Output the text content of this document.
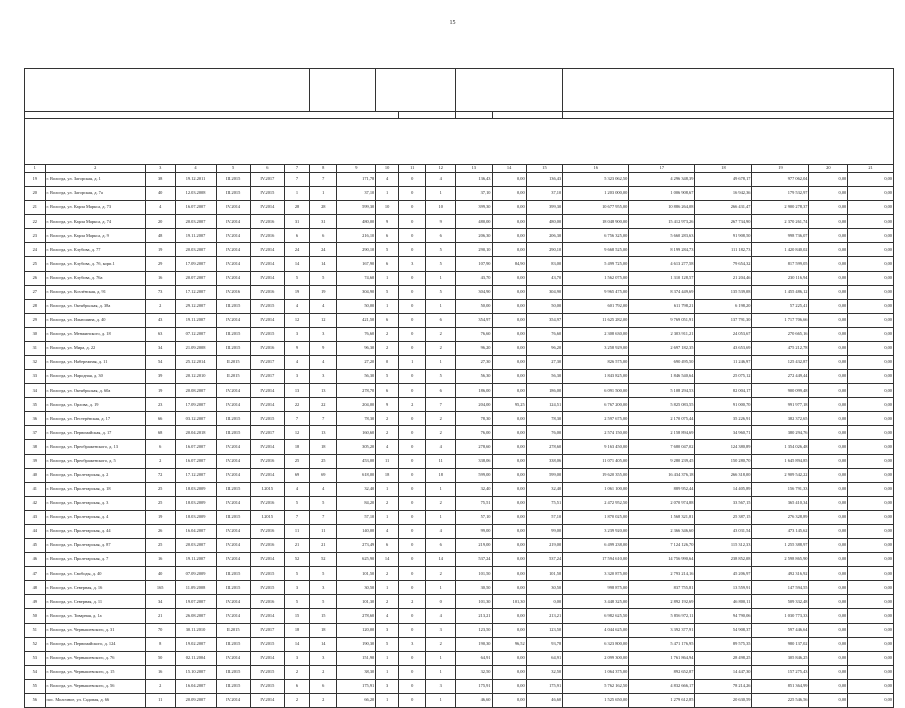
15

1	2	3	4	5	6	7	8	9	10	11	12	13	14	15	16	17	18	19	20	21
19	г. Вологда, ул. Загорская, д. 1	38	19.12.2011	III.2015	IV.2017	7	7	171,78	4	0	4	136,43	0,00	136,43	5 323 062,50	4 296 348,39	49 678,17	977 062,04	0,00	0,00
20	г. Вологда, ул. Загорская, д. 7а	40	12.03.2008	III.2015	IV.2015	1	1	37,10	1	0	1	37,10	0,00	37,10	1 203 000,00	1 006 908,67	16 942,36	179 532,97	0,00	0,00
21	г. Вологда, ул. Карла Маркса, д. 73	4	16.07.2007	IV.2014	IV.2014	28	28	599,30	10	0	10	399,30	0,00	399,30	10 677 955,00	10 886 264,08	266 431,47	2 900 278,37	0,00	0,00
22	г. Вологда, ул. Карла Маркса, д. 74	20	20.03.2007	IV.2014	IV.2016	31	31	480,00	9	0	9	480,00	0,00	480,00	18 048 900,00	15 412 973,26	267 734,90	2 370 261,74	0,00	0,00
23	г. Вологда, ул. Карла Маркса, д. 9	48	19.11.2007	IV.2014	IV.2016	6	6	216,10	6	0	6	206,30	0,00	206,30	6 756 325,00	5 660 283,63	91 908,50	998 736,07	0,00	0,00
24	г. Вологда, ул. Клубова, д. 77	19	20.03.2007	IV.2014	IV.2014	24	24	290,10	5	0	5	290,10	0,00	290,10	9 668 525,00	8 199 284,73	111 182,73	1 420 840,02	0,00	0,00
25	г. Вологда, ул. Клубова, д. 7б, корп.1	29	17.09.2007	IV.2014	IV.2014	14	14	167,90	6	3	5	107,90	84,90	83,00	5 499 725,00	4 613 277,58	79 654,32	817 599,05	0,00	0,00
26	г. Вологда, ул. Клубова, д. 76а	16	20.07.2007	IV.2014	IV.2014	5	5	74,60	1	0	1	43,70	0,00	43,70	1 562 075,00	1 310 128,57	21 204,46	230 116,94	0,00	0,00
27	г. Вологда, ул. Козлёнская, д. 91	73	17.12.2007	IV.2016	IV.2016	19	19	304,90	5	0	5	304,90	0,00	304,90	9 965 475,00	8 374 449,69	135 539,08	1 455 486,12	0,00	0,00
28	г. Вологда, ул. Октябрьская, д. 38а	2	29.12.2007	III.2015	IV.2015	4	4	50,00	1	0	1	50,00	0,00	50,00	601 792,00	611 798,21	6 198,20	57 225,41	0,00	0,00
29	г. Вологда, ул. Ильюшина, д. 40	43	19.11.2007	IV.2014	IV.2014	12	12	421,50	6	0	6	354,97	0,00	354,97	11 625 282,00	9 769 051,91	137 791,30	1 717 706,66	0,00	0,00
30	г. Вологда, ул. Менжинского, д. 18	63	07.12.2007	III.2015	IV.2015	3	3	76,60	2	0	2	76,60	0,00	76,60	2 308 630,00	2 303 911,21	24 053,67	270 665,16	0,00	0,00
31	г. Вологда, ул. Мира, д. 22	34	21.09.2008	III.2015	IV.2016	9	9	96,30	2	0	2	96,20	0,00	96,20	3 258 929,00	2 697 182,35	43 653,69	475 212,78	0,00	0,00
32	г. Вологда, ул. Набережная, д. 11	54	25.12.2014	II.2015	IV.2017	4	4	27,20	0	1	1	27,30	0,00	27,30	826 575,00	690 495,50	11 246,97	125 432,87	0,00	0,00
33	г. Вологда, ул. Народная, д. 30	39	20.12.2010	II.2015	IV.2017	3	3	56,30	5	0	5	56,30	0,00	56,30	1 843 825,00	1 846 540,64	25 075,12	272 449,44	0,00	0,00
34	г. Вологда, ул. Октябрьская, д. 60а	19	20.08.2007	IV.2014	IV.2014	13	13	278,70	6	0	6	186,00	0,00	186,00	6 091 500,00	5 108 294,53	82 004,17	900 099,48	0,00	0,00
35	г. Вологда, ул. Орлова, д. 19	23	17.09.2007	IV.2014	IV.2014	22	22	204,00	9	2	7	204,00	95,25	124,51	6 767 200,00	5 825 083,55	91 000,70	991 977,18	0,00	0,00
36	г. Вологда, ул. Пестерёвская, д. 17	66	03.12.2007	III.2015	IV.2015	7	7	78,30	2	0	2	78,30	0,00	78,30	2 597 675,00	2 170 075,44	35 226,91	382 372,65	0,00	0,00
37	г. Вологда, ул. Первомайская, д. 17	68	20.04.2018	III.2015	IV.2017	12	13	160,60	2	0	2	76,00	0,00	76,00	2 574 150,00	2 158 894,69	34 960,71	380 294,76	0,00	0,00
38	г. Вологда, ул. Преображенского, д. 13	6	16.07.2007	IV.2014	IV.2014	18	18	305,20	4	0	4	278,60	0,00	278,60	9 163 450,00	7 680 047,02	124 380,89	1 354 026,48	0,00	0,00
39	г. Вологда, ул. Преображенского, д. 5	2	16.07.2007	IV.2014	IV.2016	25	25	453,00	11	0	11	338,06	0,00	338,06	11 071 405,00	9 280 239,45	150 280,70	1 645 894,85	0,00	0,00
40	г. Вологда, ул. Пролетарская, д. 2	72	17.12.2007	IV.2014	IV.2014	69	69	618,00	18	0	18	599,00	0,00	599,00	19 620 355,00	16 434 376,18	266 318,00	2 909 542,22	0,00	0,00
41	г. Вологда, ул. Пролетарская, д. 18	25	18.03.2009	III.2015	I.2015	4	4	32,40	1	0	1	32,40	0,00	32,40	1 061 100,00	889 952,44	14 405,89	156 791,33	0,00	0,00
42	г. Вологда, ул. Пролетарская, д. 3	25	18.03.2009	IV.2014	IV.2016	5	5	84,20	2	0	2	75,51	0,00	75,51	2 472 952,50	2 070 974,88	33 567,15	365 410,34	0,00	0,00
43	г. Вологда, ул. Пролетарская, д. 4	19	18.03.2009	III.2015	I.2015	7	7	57,10	1	0	1	57,10	0,00	57,10	1 870 025,00	1 568 321,81	25 387,15	276 328,89	0,00	0,00
44	г. Вологда, ул. Пролетарская, д. 44	26	16.04.2007	IV.2014	IV.2016	11	11	140,00	4	0	4	99,00	0,00	99,00	3 239 920,00	2 366 346,60	43 031,54	473 145,62	0,00	0,00
45	г. Вологда, ул. Пролетарская, д. 87	25	20.03.2007	IV.2014	IV.2016	21	21	273,49	6	0	6	219,00	0,00	219,00	6 499 238,00	7 124 126,70	115 312,33	1 255 388,97	0,00	0,00
46	г. Вологда, ул. Пролетарская, д. 7	16	19.11.2007	IV.2014	IV.2014	52	52	625,90	14	0	14	537,24	0,00	537,24	17 594 610,00	14 756 990,64	238 852,08	2 598 865,90	0,00	0,00
47	г. Вологда, ул. Свободы, д. 40	40	07.09.2009	III.2015	IV.2015	5	5	101,50	2	0	2	101,50	0,00	101,50	3 320 875,00	2 793 214,16	45 206,97	492 316,92	0,00	0,00
48	г. Вологда, ул. Северная, д. 16	165	11.09.2008	III.2015	IV.2015	3	3	30,50	1	0	1	30,50	0,00	30,50	998 875,00	837 755,81	13 559,91	147 594,55	0,00	0,00
49	г. Вологда, ул. Северная, д. 11	34	19.07.2007	IV.2014	IV.2016	5	5	101,30	2	2	0	101,30	101,30	0,00	3 448 325,00	2 892 192,69	46 800,11	509 332,48	0,00	0,00
50	г. Вологда, ул. Товарная, д. 1а	21	26.08.2007	IV.2014	IV.2014	15	15	278,60	4	0	4	213,21	0,00	213,21	6 982 625,50	5 856 972,11	94 790,06	1 030 773,33	0,00	0,00
51	г. Вологда, ул. Чернышевского, д. 31	70	30.11.2010	II.2015	IV.2017	18	18	120,00	3	0	3	123,50	0,00	123,50	4 044 625,00	3 392 377,91	54 908,37	597 446,64	0,00	0,00
52	г. Вологда, ул. Первомайского, д. 124	8	19.02.2007	III.2015	IV.2015	14	14	190,30	5	3	2	190,30	96,52	93,78	6 323 800,00	5 471 176,95	89 575,35	980 137,02	0,00	0,00
53	г. Вологда, ул. Чернышевского, д. 76	50	02.11.2004	IV.2014	IV.2014	3	3	151,90	1	0	1	64,91	0,00	64,91	2 099 300,00	1 761 864,94	28 498,25	305 846,25	0,00	0,00
54	г. Вологда, ул. Чернышевского, д. 15	16	15.10.2007	III.2015	IV.2015	2	2	38,30	1	0	1	32,50	0,00	32,50	1 064 375,00	892 652,87	14 447,30	157 275,43	0,00	0,00
55	г. Вологда, ул. Чернышевского, д. 56	2	16.04.2007	III.2015	IV.2015	6	6	175,91	3	0	3	175,91	0,00	175,91	5 762 162,50	4 832 666,17	78 214,26	851 364,99	0,00	0,00
56	пос. Молочное, ул. Садовая, д. 66	11	20.09.2007	IV.2014	IV.2014	2	2	66,20	1	0	1	46,60	0,00	46,60	1 525 650,00	1 279 612,85	20 630,59	225 546,56	0,00	0,00
